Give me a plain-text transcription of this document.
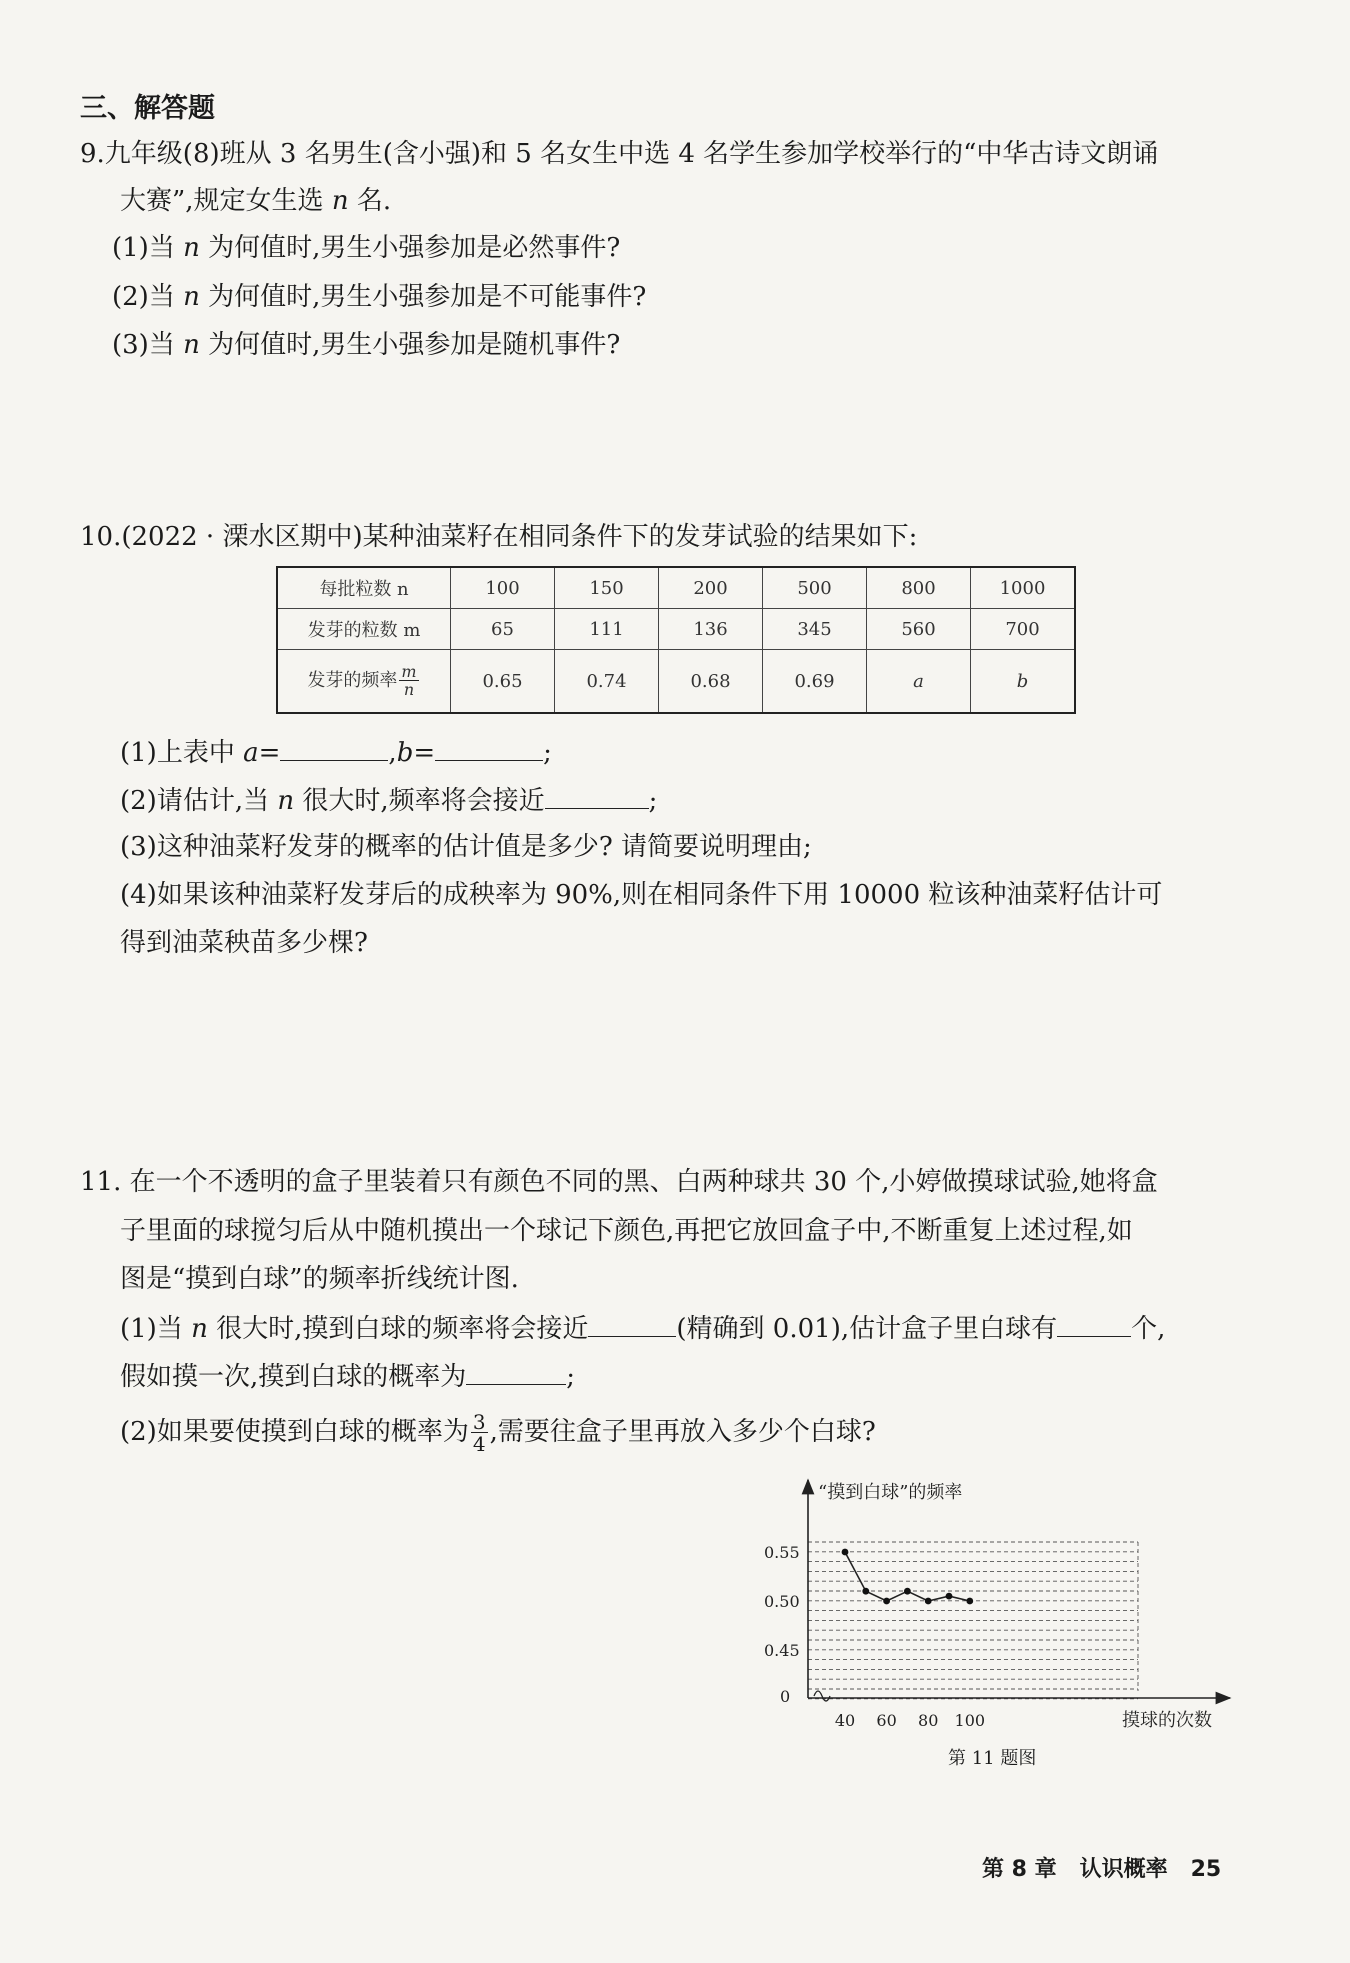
三、解答题
9.九年级(8)班从 3 名男生(含小强)和 5 名女生中选 4 名学生参加学校举行的“中华古诗文朗诵
大赛”,规定女生选 n 名.
(1)当 n 为何值时,男生小强参加是必然事件?
(2)当 n 为何值时,男生小强参加是不可能事件?
(3)当 n 为何值时,男生小强参加是随机事件?
10.(2022 · 溧水区期中)某种油菜籽在相同条件下的发芽试验的结果如下:
每批粒数 n	100	150	200	500	800	1000
发芽的粒数 m	65	111	136	345	560	700
发芽的频率 $\frac{m}{n}$	0.65	0.74	0.68	0.69	a	b
(1)上表中 a=	,b=	;
(2)请估计,当 n 很大时,频率将会接近	;
(3)这种油菜籽发芽的概率的估计值是多少? 请简要说明理由;
(4)如果该种油菜籽发芽后的成秧率为 90%,则在相同条件下用 10000 粒该种油菜籽估计可
得到油菜秧苗多少棵?
11. 在一个不透明的盒子里装着只有颜色不同的黑、白两种球共 30 个,小婷做摸球试验,她将盒
子里面的球搅匀后从中随机摸出一个球记下颜色,再把它放回盒子中,不断重复上述过程,如
图是“摸到白球”的频率折线统计图.
(1)当 n 很大时,摸到白球的频率将会接近	(精确到 0.01),估计盒子里白球有	个,
假如摸一次,摸到白球的概率为	;
(2)如果要使摸到白球的概率为 $\frac{3}{4}$ ,需要往盒子里再放入多少个白球?
“摸到白球”的频率
摸球的次数
0
0.55
0.50
0.45
40 60 80 100
第 11 题图
第 8 章 认识概率 25
